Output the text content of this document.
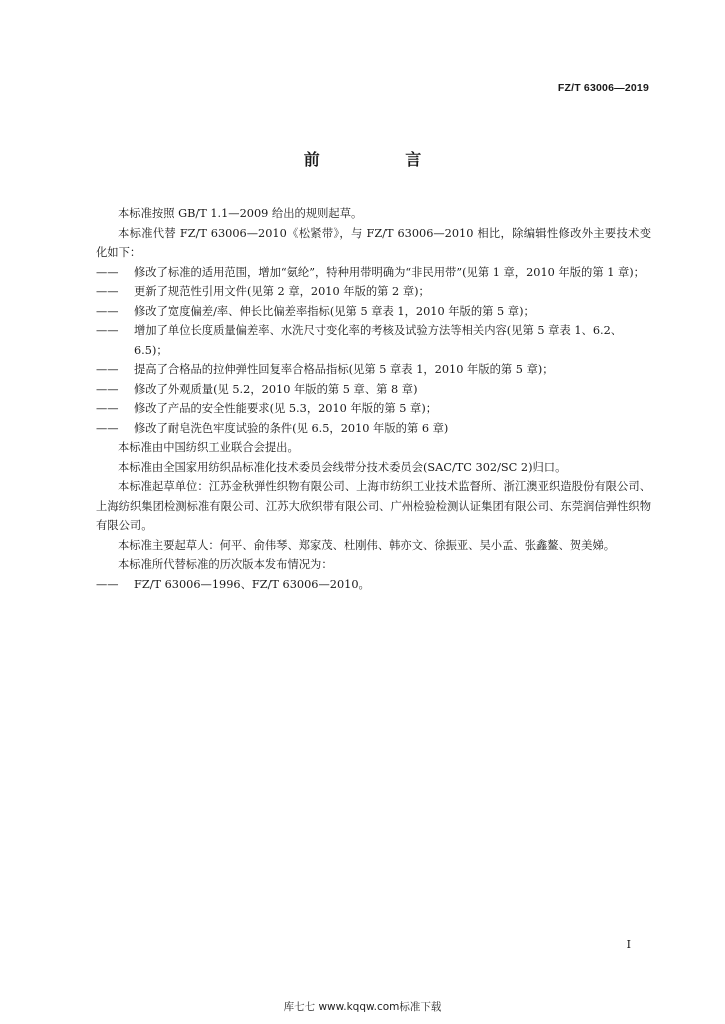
FZ/T 63006—2019
前 言

本标准按照 GB/T 1.1—2009 给出的规则起草。

本标准代替 FZ/T 63006—2010《松紧带》，与 FZ/T 63006—2010 相比，除编辑性修改外主要技术变化如下：

—— 修改了标准的适用范围，增加“氨纶”，特种用带明确为“非民用带”(见第 1 章，2010 年版的第 1 章)；

—— 更新了规范性引用文件(见第 2 章，2010 年版的第 2 章)；

—— 修改了宽度偏差/率、伸长比偏差率指标(见第 5 章表 1，2010 年版的第 5 章)；

—— 增加了单位长度质量偏差率、水洗尺寸变化率的考核及试验方法等相关内容(见第 5 章表 1、6.2、6.5)；

—— 提高了合格品的拉伸弹性回复率合格品指标(见第 5 章表 1，2010 年版的第 5 章)；

—— 修改了外观质量(见 5.2，2010 年版的第 5 章、第 8 章)

—— 修改了产品的安全性能要求(见 5.3，2010 年版的第 5 章)；

—— 修改了耐皂洗色牢度试验的条件(见 6.5，2010 年版的第 6 章)

本标准由中国纺织工业联合会提出。

本标准由全国家用纺织品标准化技术委员会线带分技术委员会(SAC/TC 302/SC 2)归口。

本标准起草单位：江苏金秋弹性织物有限公司、上海市纺织工业技术监督所、浙江澳亚织造股份有限公司、上海纺织集团检测标准有限公司、江苏大欣织带有限公司、广州检验检测认证集团有限公司、东莞润信弹性织物有限公司。

本标准主要起草人：何平、俞伟琴、郑家茂、杜刚伟、韩亦文、徐振亚、吴小孟、张鑫鳌、贺美娣。

本标准所代替标准的历次版本发布情况为：

—— FZ/T 63006—1996、FZ/T 63006—2010。

I
库七七 www.kqqw.com标准下载
